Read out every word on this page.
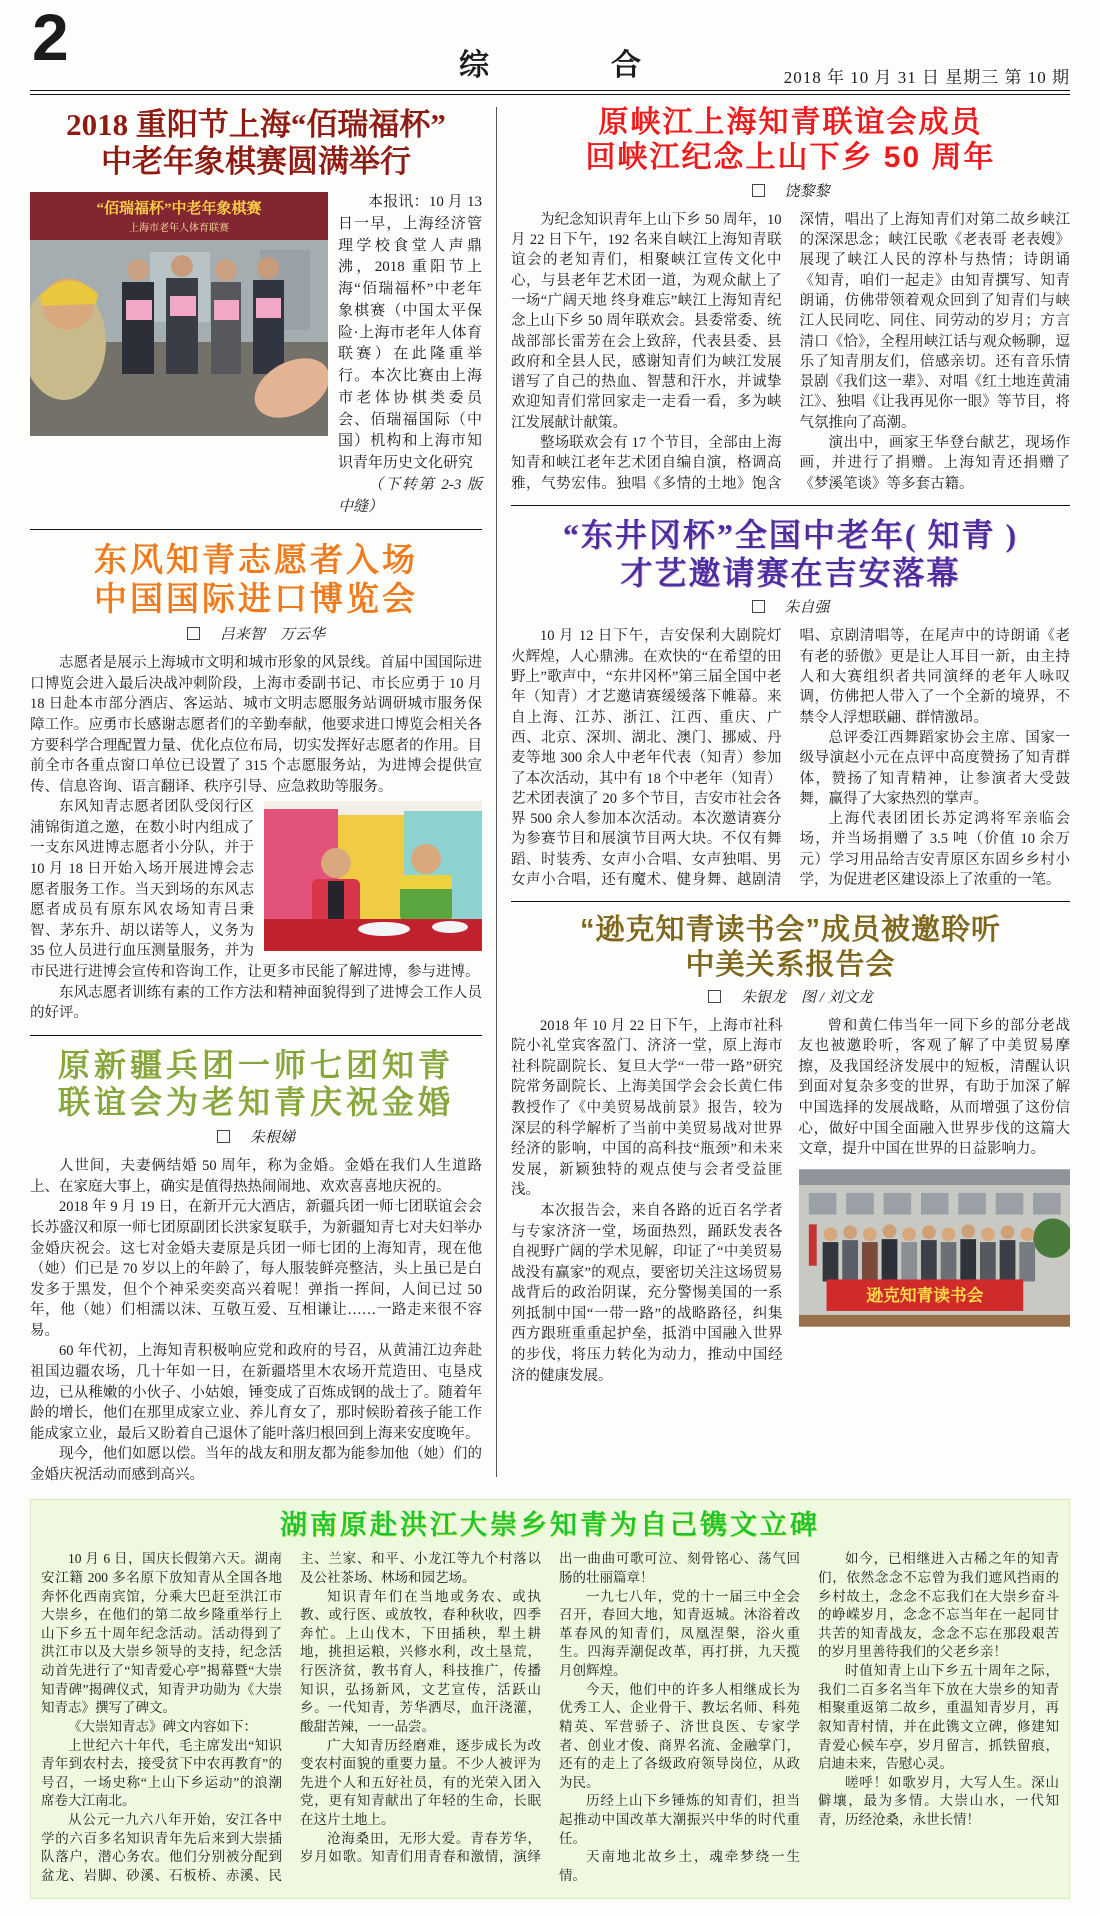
2	综　合	2018 年 10 月 31 日 星期三 第 10 期
2018 重阳节上海“佰瑞福杯”
中老年象棋赛圆满举行
“佰瑞福杯”中老年象棋赛
上海市老年人体育联赛

本报讯：10 月 13 日一早，上海经济管理学校食堂人声鼎沸，2018 重阳节上海“佰瑞福杯”中老年象棋赛（中国太平保险·上海市老年人体育联赛）在此隆重举行。本次比赛由上海市老体协棋类委员会、佰瑞福国际（中国）机构和上海市知识青年历史文化研究

（下转第 2-3 版中缝）

东风知青志愿者入场
中国国际进口博览会
吕来智　万云华

志愿者是展示上海城市文明和城市形象的风景线。首届中国国际进口博览会进入最后决战冲刺阶段，上海市委副书记、市长应勇于 10 月 18 日赴本市部分酒店、客运站、城市文明志愿服务站调研城市服务保障工作。应勇市长感谢志愿者们的辛勤奉献，他要求进口博览会相关各方要科学合理配置力量、优化点位布局，切实发挥好志愿者的作用。目前全市各重点窗口单位已设置了 315 个志愿服务站，为进博会提供宣传、信息咨询、语言翻译、秩序引导、应急救助等服务。

东风知青志愿者团队受闵行区浦锦街道之邀，在数小时内组成了一支东风进博志愿者小分队，并于 10 月 18 日开始入场开展进博会志愿者服务工作。当天到场的东风志愿者成员有原东风农场知青吕秉智、茅东升、胡以诺等人，义务为 35 位人员进行血压测量服务，并为市民进行进博会宣传和咨询工作，让更多市民能了解进博，参与进博。

东风志愿者训练有素的工作方法和精神面貌得到了进博会工作人员的好评。

原新疆兵团一师七团知青
联谊会为老知青庆祝金婚
朱根娣

人世间，夫妻俩结婚 50 周年，称为金婚。金婚在我们人生道路上、在家庭大事上，确实是值得热热闹闹地、欢欢喜喜地庆祝的。

2018 年 9 月 19 日，在新开元大酒店，新疆兵团一师七团联谊会会长苏盛汉和原一师七团原副团长洪家复联手，为新疆知青七对夫妇举办金婚庆祝会。这七对金婚夫妻原是兵团一师七团的上海知青，现在他（她）们已是 70 岁以上的年龄了，每人服装鲜亮整洁，头上虽已是白发多于黑发，但个个神采奕奕高兴着呢！弹指一挥间，人间已过 50 年，他（她）们相濡以沫、互敬互爱、互相谦让……一路走来很不容易。

60 年代初，上海知青积极响应党和政府的号召，从黄浦江边奔赴祖国边疆农场，几十年如一日，在新疆塔里木农场开荒造田、屯垦戍边，已从稚嫩的小伙子、小姑娘，锤变成了百炼成钢的战士了。随着年龄的增长，他们在那里成家立业、养儿育女了，那时候盼着孩子能工作能成家立业，最后又盼着自己退休了能叶落归根回到上海来安度晚年。

现今，他们如愿以偿。当年的战友和朋友都为能参加他（她）们的金婚庆祝活动而感到高兴。

原峡江上海知青联谊会成员
回峡江纪念上山下乡 50 周年
饶黎黎

为纪念知识青年上山下乡 50 周年，10 月 22 日下午，192 名来自峡江上海知青联谊会的老知青们，相聚峡江宣传文化中心，与县老年艺术团一道，为观众献上了一场“广阔天地 终身难忘”峡江上海知青纪念上山下乡 50 周年联欢会。县委常委、统战部部长雷芳在会上致辞，代表县委、县政府和全县人民，感谢知青们为峡江发展谱写了自己的热血、智慧和汗水，并诚挚欢迎知青们常回家走一走看一看，多为峡江发展献计献策。

整场联欢会有 17 个节目，全部由上海知青和峡江老年艺术团自编自演，格调高雅，气势宏伟。独唱《多情的土地》饱含深情，唱出了上海知青们对第二故乡峡江的深深思念；峡江民歌《老表哥 老表嫂》展现了峡江人民的淳朴与热情；诗朗诵《知青，咱们一起走》由知青撰写、知青朗诵，仿佛带领着观众回到了知青们与峡江人民同吃、同住、同劳动的岁月；方言清口《恰》，全程用峡江话与观众畅聊，逗乐了知青朋友们，倍感亲切。还有音乐情景剧《我们这一辈》、对唱《红土地连黄浦江》、独唱《让我再见你一眼》等节目，将气氛推向了高潮。

演出中，画家王华登台献艺，现场作画，并进行了捐赠。上海知青还捐赠了《梦溪笔谈》等多套古籍。

“东井冈杯”全国中老年( 知青 )
才艺邀请赛在吉安落幕
朱自强

10 月 12 日下午，吉安保利大剧院灯火辉煌，人心鼎沸。在欢快的“在希望的田野上”歌声中，“东井冈杯”第三届全国中老年（知青）才艺邀请赛缓缓落下帷幕。来自上海、江苏、浙江、江西、重庆、广西、北京、深圳、湖北、澳门、挪威、丹麦等地 300 余人中老年代表（知青）参加了本次活动，其中有 18 个中老年（知青）艺术团表演了 20 多个节目，吉安市社会各界 500 余人参加本次活动。本次邀请赛分为参赛节目和展演节目两大块。不仅有舞蹈、时装秀、女声小合唱、女声独唱、男女声小合唱，还有魔术、健身舞、越剧清唱、京剧清唱等，在尾声中的诗朗诵《老有老的骄傲》更是让人耳目一新，由主持人和大赛组织者共同演绎的老年人咏叹调，仿佛把人带入了一个全新的境界，不禁令人浮想联翩、群情激昂。

总评委江西舞蹈家协会主席、国家一级导演赵小元在点评中高度赞扬了知青群体，赞扬了知青精神，让参演者大受鼓舞，赢得了大家热烈的掌声。

上海代表团团长苏定鸿将军亲临会场，并当场捐赠了 3.5 吨（价值 10 余万元）学习用品给吉安青原区东固乡乡村小学，为促进老区建设添上了浓重的一笔。

“逊克知青读书会”成员被邀聆听
中美关系报告会
朱银龙　图 / 刘文龙

2018 年 10 月 22 日下午，上海市社科院小礼堂宾客盈门、济济一堂，原上海市社科院副院长、复旦大学“一带一路”研究院常务副院长、上海美国学会会长黄仁伟教授作了《中美贸易战前景》报告，较为深层的科学解析了当前中美贸易战对世界经济的影响，中国的高科技“瓶颈”和未来发展，新颖独特的观点使与会者受益匪浅。

本次报告会，来自各路的近百名学者与专家济济一堂，场面热烈，踊跃发表各自视野广阔的学术见解，印证了“中美贸易战没有赢家”的观点，要密切关注这场贸易战背后的政治阴谋，充分警惕美国的一系列抵制中国“一带一路”的战略路径，纠集西方跟班重重起护垒，抵消中国融入世界的步伐，将压力转化为动力，推动中国经济的健康发展。

曾和黄仁伟当年一同下乡的部分老战友也被邀聆听，客观了解了中美贸易摩擦，及我国经济发展中的短板，清醒认识到面对复杂多变的世界，有助于加深了解中国选择的发展战略，从而增强了这份信心，做好中国全面融入世界步伐的这篇大文章，提升中国在世界的日益影响力。

逊克知青读书会
湖南原赴洪江大崇乡知青为自己镌文立碑

10 月 6 日，国庆长假第六天。湖南安江籍 200 多名原下放知青从全国各地奔怀化西南宾馆，分乘大巴赶至洪江市大崇乡，在他们的第二故乡隆重举行上山下乡五十周年纪念活动。活动得到了洪江市以及大崇乡领导的支持，纪念活动首先进行了“知青爱心亭”揭幕暨“大崇知青碑”揭碑仪式，知青尹功勋为《大崇知青志》撰写了碑文。

《大崇知青志》碑文内容如下：

上世纪六十年代，毛主席发出“知识青年到农村去，接受贫下中农再教育”的号召，一场史称“上山下乡运动”的浪潮席卷大江南北。

从公元一九六八年开始，安江各中学的六百多名知识青年先后来到大崇插队落户，潜心务农。他们分别被分配到盆龙、岩脚、砂溪、石板桥、赤溪、民主、兰家、和平、小龙江等九个村落以及公社茶场、林场和园艺场。

知识青年们在当地或务农、或执教、或行医、或放牧，春种秋收，四季奔忙。上山伐木，下田插秧，犁土耕地，挑担运粮，兴修水利，改土垦荒，行医济贫，教书育人，科技推广，传播知识，弘扬新风，文艺宣传，活跃山乡。一代知青，芳华洒尽，血汗浇灌，酸甜苦辣，一一品尝。

广大知青历经磨难，逐步成长为改变农村面貌的重要力量。不少人被评为先进个人和五好社员，有的光荣入团入党，更有知青献出了年轻的生命，长眠在这片土地上。

沧海桑田，无形大爱。青春芳华，岁月如歌。知青们用青春和激情，演绎出一曲曲可歌可泣、刻骨铭心、荡气回肠的壮丽篇章！

一九七八年，党的十一届三中全会召开，春回大地，知青返城。沐浴着改革春风的知青们，凤凰涅槃，浴火重生。四海弄潮促改革，再打拼，九天揽月创辉煌。

今天，他们中的许多人相继成长为优秀工人、企业骨干、教坛名师、科苑精英、军营骄子、济世良医、专家学者、创业才俊、商界名流、金融掌门，还有的走上了各级政府领导岗位，从政为民。

历经上山下乡锤炼的知青们，担当起推动中国改革大潮振兴中华的时代重任。

天南地北故乡土，魂牵梦绕一生情。

如今，已相继进入古稀之年的知青们，依然念念不忘曾为我们遮风挡雨的乡村故土，念念不忘我们在大崇乡奋斗的峥嵘岁月，念念不忘当年在一起同甘共苦的知青战友，念念不忘在那段艰苦的岁月里善待我们的父老乡亲！

时值知青上山下乡五十周年之际，我们二百多名当年下放在大崇乡的知青相聚重返第二故乡，重温知青岁月，再叙知青村情，并在此镌文立碑，修建知青爱心候车亭，岁月留言，抓铁留痕，启迪未来，告慰心灵。

嗟呼！如歌岁月，大写人生。深山僻壤，最为多情。大崇山水，一代知青，历经沧桑，永世长情！
